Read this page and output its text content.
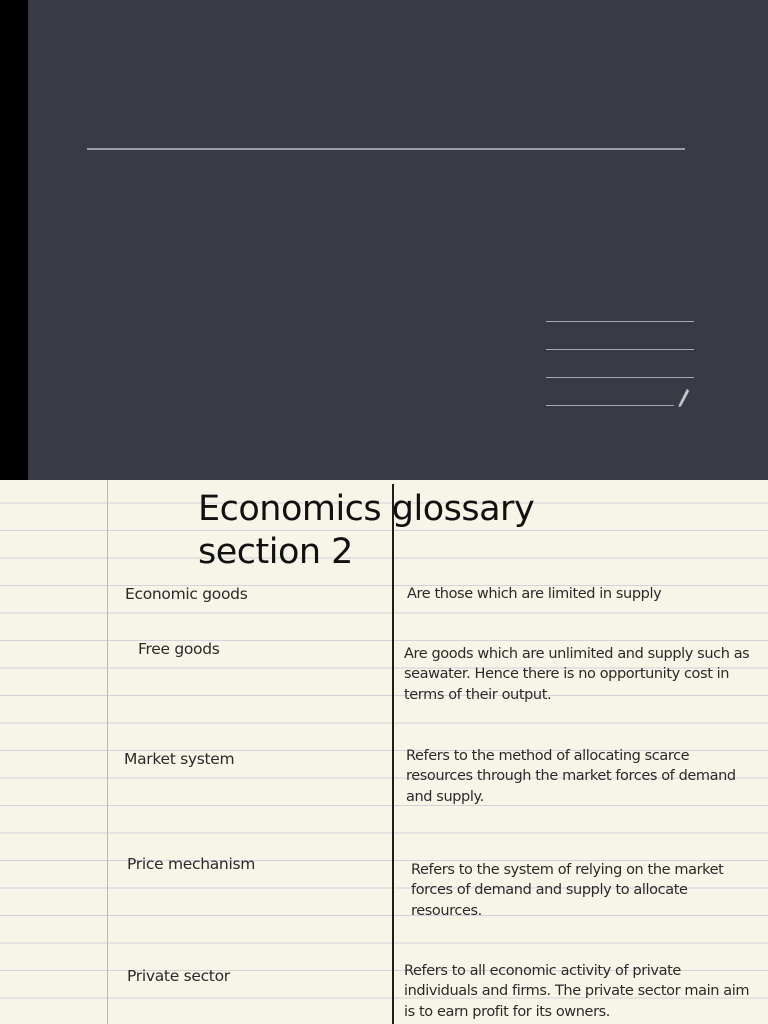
Economics glossary
section 2
Economic goods	Are those which are limited in supply
Free goods	Are goods which are unlimited and supply such as seawater. Hence there is no opportunity cost in terms of their output.
Market system	Refers to the method of allocating scarce resources through the market forces of demand and supply.
Price mechanism	Refers to the system of relying on the market forces of demand and supply to allocate resources.
Private sector	Refers to all economic activity of private individuals and firms. The private sector main aim is to earn profit for its owners.
